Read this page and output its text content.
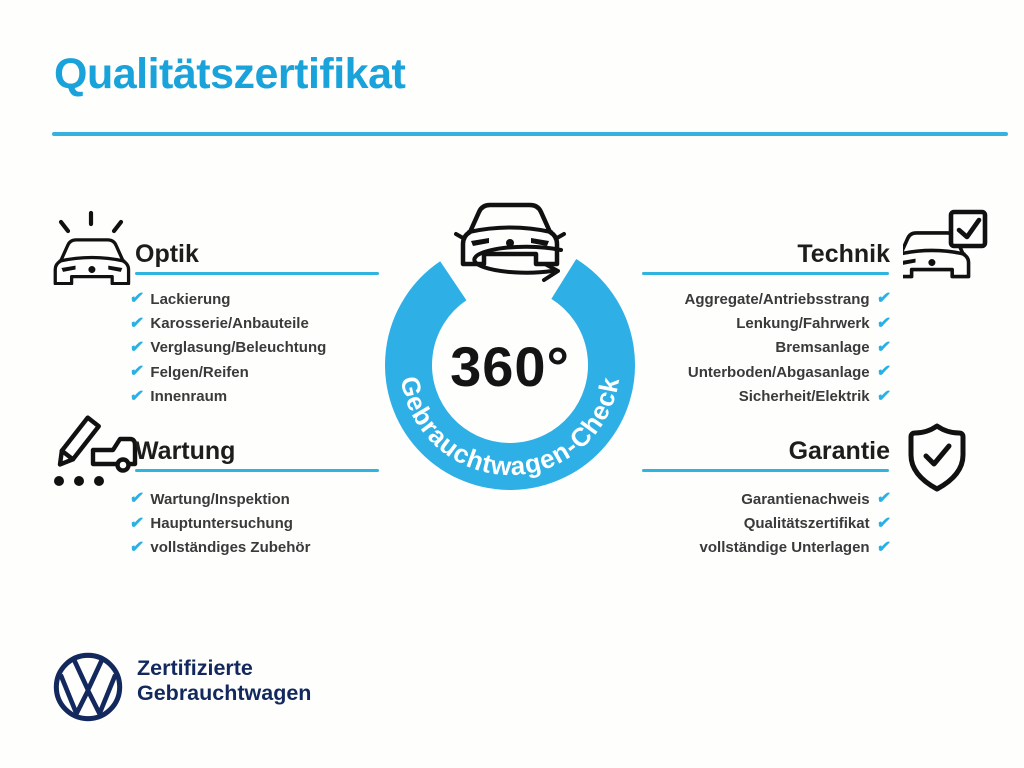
Qualitätszertifikat
Gebrauchtwagen-Check
360°
Optik
✔ Lackierung
✔ Karosserie/Anbauteile
✔ Verglasung/Beleuchtung
✔ Felgen/Reifen
✔ Innenraum
Technik
Aggregate/Antriebsstrang ✔
Lenkung/Fahrwerk ✔
Bremsanlage ✔
Unterboden/Abgasanlage ✔
Sicherheit/Elektrik ✔
Wartung
✔ Wartung/Inspektion
✔ Hauptuntersuchung
✔ vollständiges Zubehör
Garantie
Garantienachweis ✔
Qualitätszertifikat ✔
vollständige Unterlagen ✔
Zertifizierte
Gebrauchtwagen
